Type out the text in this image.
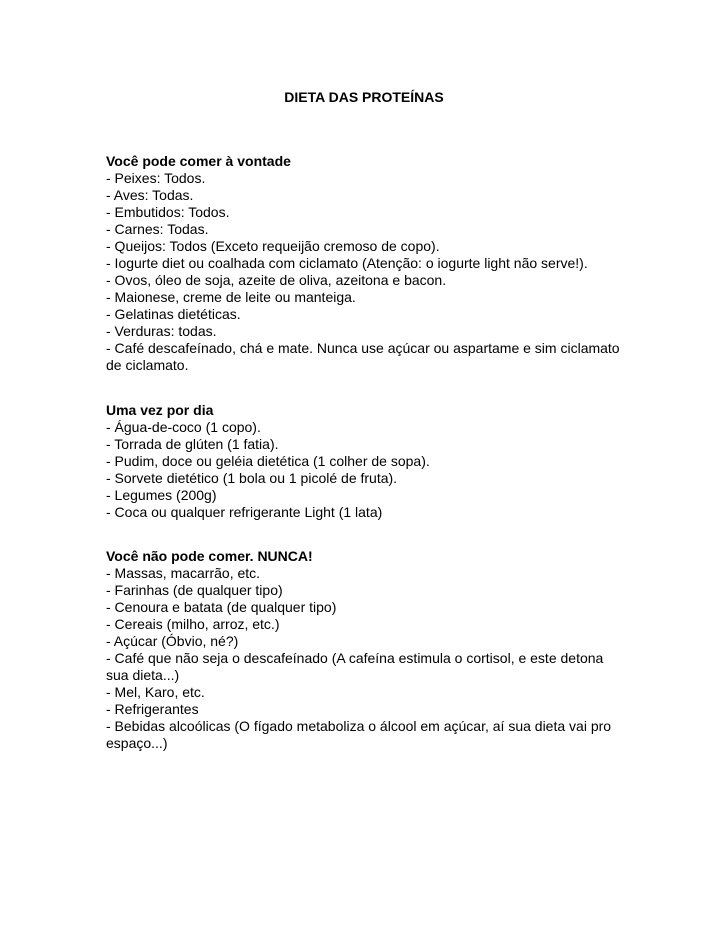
DIETA DAS PROTEÍNAS
Você pode comer à vontade
- Peixes: Todos.
- Aves: Todas.
- Embutidos: Todos.
- Carnes: Todas.
- Queijos: Todos (Exceto requeijão cremoso de copo).
- Iogurte diet ou coalhada com ciclamato (Atenção: o iogurte light não serve!).
- Ovos, óleo de soja, azeite de oliva, azeitona e bacon.
- Maionese, creme de leite ou manteiga.
- Gelatinas dietéticas.
- Verduras: todas.
- Café descafeínado, chá e mate. Nunca use açúcar ou aspartame e sim ciclamato de ciclamato.
Uma vez por dia
- Água-de-coco (1 copo).
- Torrada de glúten (1 fatia).
- Pudim, doce ou geléia dietética (1 colher de sopa).
- Sorvete dietético (1 bola ou 1 picolé de fruta).
- Legumes (200g)
- Coca ou qualquer refrigerante Light (1 lata)
Você não pode comer. NUNCA!
- Massas, macarrão, etc.
- Farinhas (de qualquer tipo)
- Cenoura e batata (de qualquer tipo)
- Cereais (milho, arroz, etc.)
- Açúcar (Óbvio, né?)
- Café que não seja o descafeínado (A cafeína estimula o cortisol, e este detona sua dieta...)
- Mel, Karo, etc.
- Refrigerantes
- Bebidas alcoólicas (O fígado metaboliza o álcool em açúcar, aí sua dieta vai pro espaço...)
